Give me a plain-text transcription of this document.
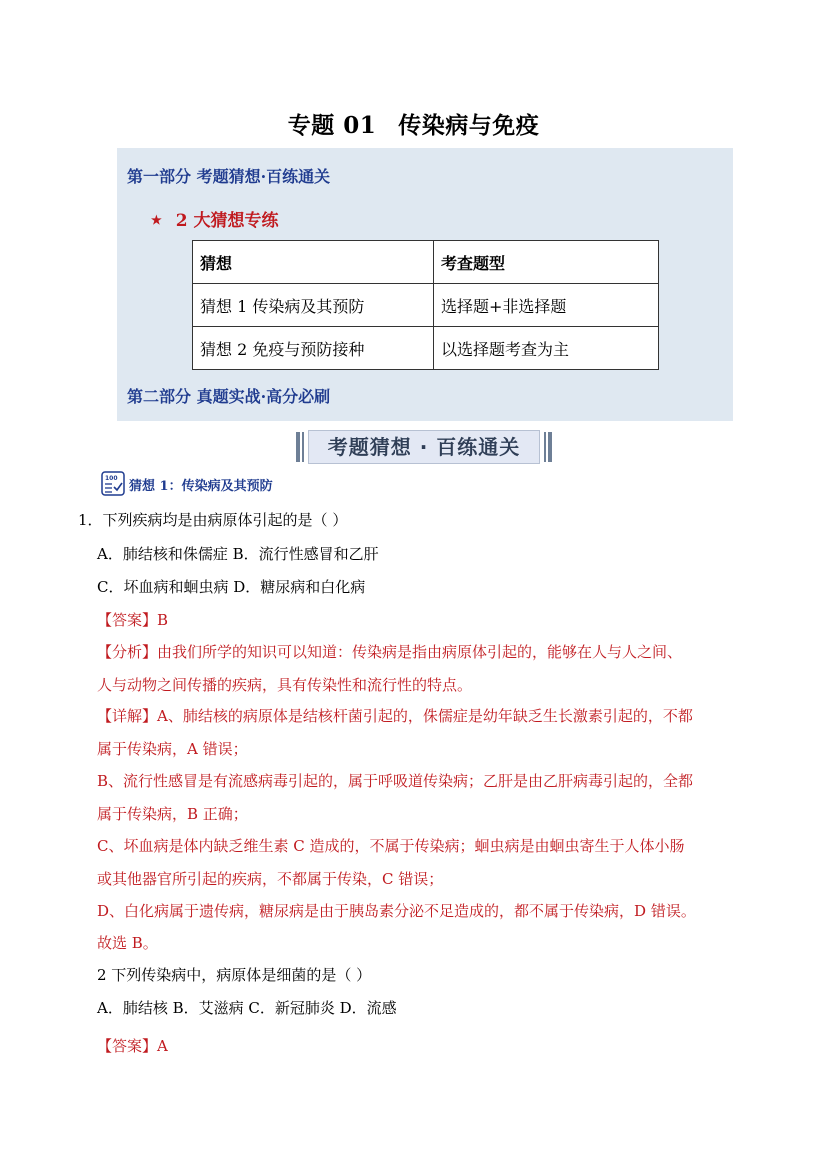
专题 01 传染病与免疫
第一部分 考题猜想·百练通关
★ 2 大猜想专练
猜想	考查题型
猜想 1 传染病及其预防	选择题+非选择题
猜想 2 免疫与预防接种	以选择题考查为主
第二部分 真题实战·高分必刷
考题猜想 · 百练通关
100
猜想 1：传染病及其预防
1．下列疾病均是由病原体引起的是（ ）
A．肺结核和侏儒症 B．流行性感冒和乙肝
C．坏血病和蛔虫病 D．糖尿病和白化病
【答案】B
【分析】由我们所学的知识可以知道：传染病是指由病原体引起的，能够在人与人之间、
人与动物之间传播的疾病，具有传染性和流行性的特点。
【详解】A、肺结核的病原体是结核杆菌引起的，侏儒症是幼年缺乏生长激素引起的，不都
属于传染病，A 错误；
B、流行性感冒是有流感病毒引起的，属于呼吸道传染病；乙肝是由乙肝病毒引起的，全都
属于传染病，B 正确；
C、坏血病是体内缺乏维生素 C 造成的，不属于传染病；蛔虫病是由蛔虫寄生于人体小肠
或其他器官所引起的疾病，不都属于传染，C 错误；
D、白化病属于遗传病，糖尿病是由于胰岛素分泌不足造成的，都不属于传染病，D 错误。
故选 B。
2 下列传染病中，病原体是细菌的是（ ）
A．肺结核 B．艾滋病 C．新冠肺炎 D．流感
【答案】A
